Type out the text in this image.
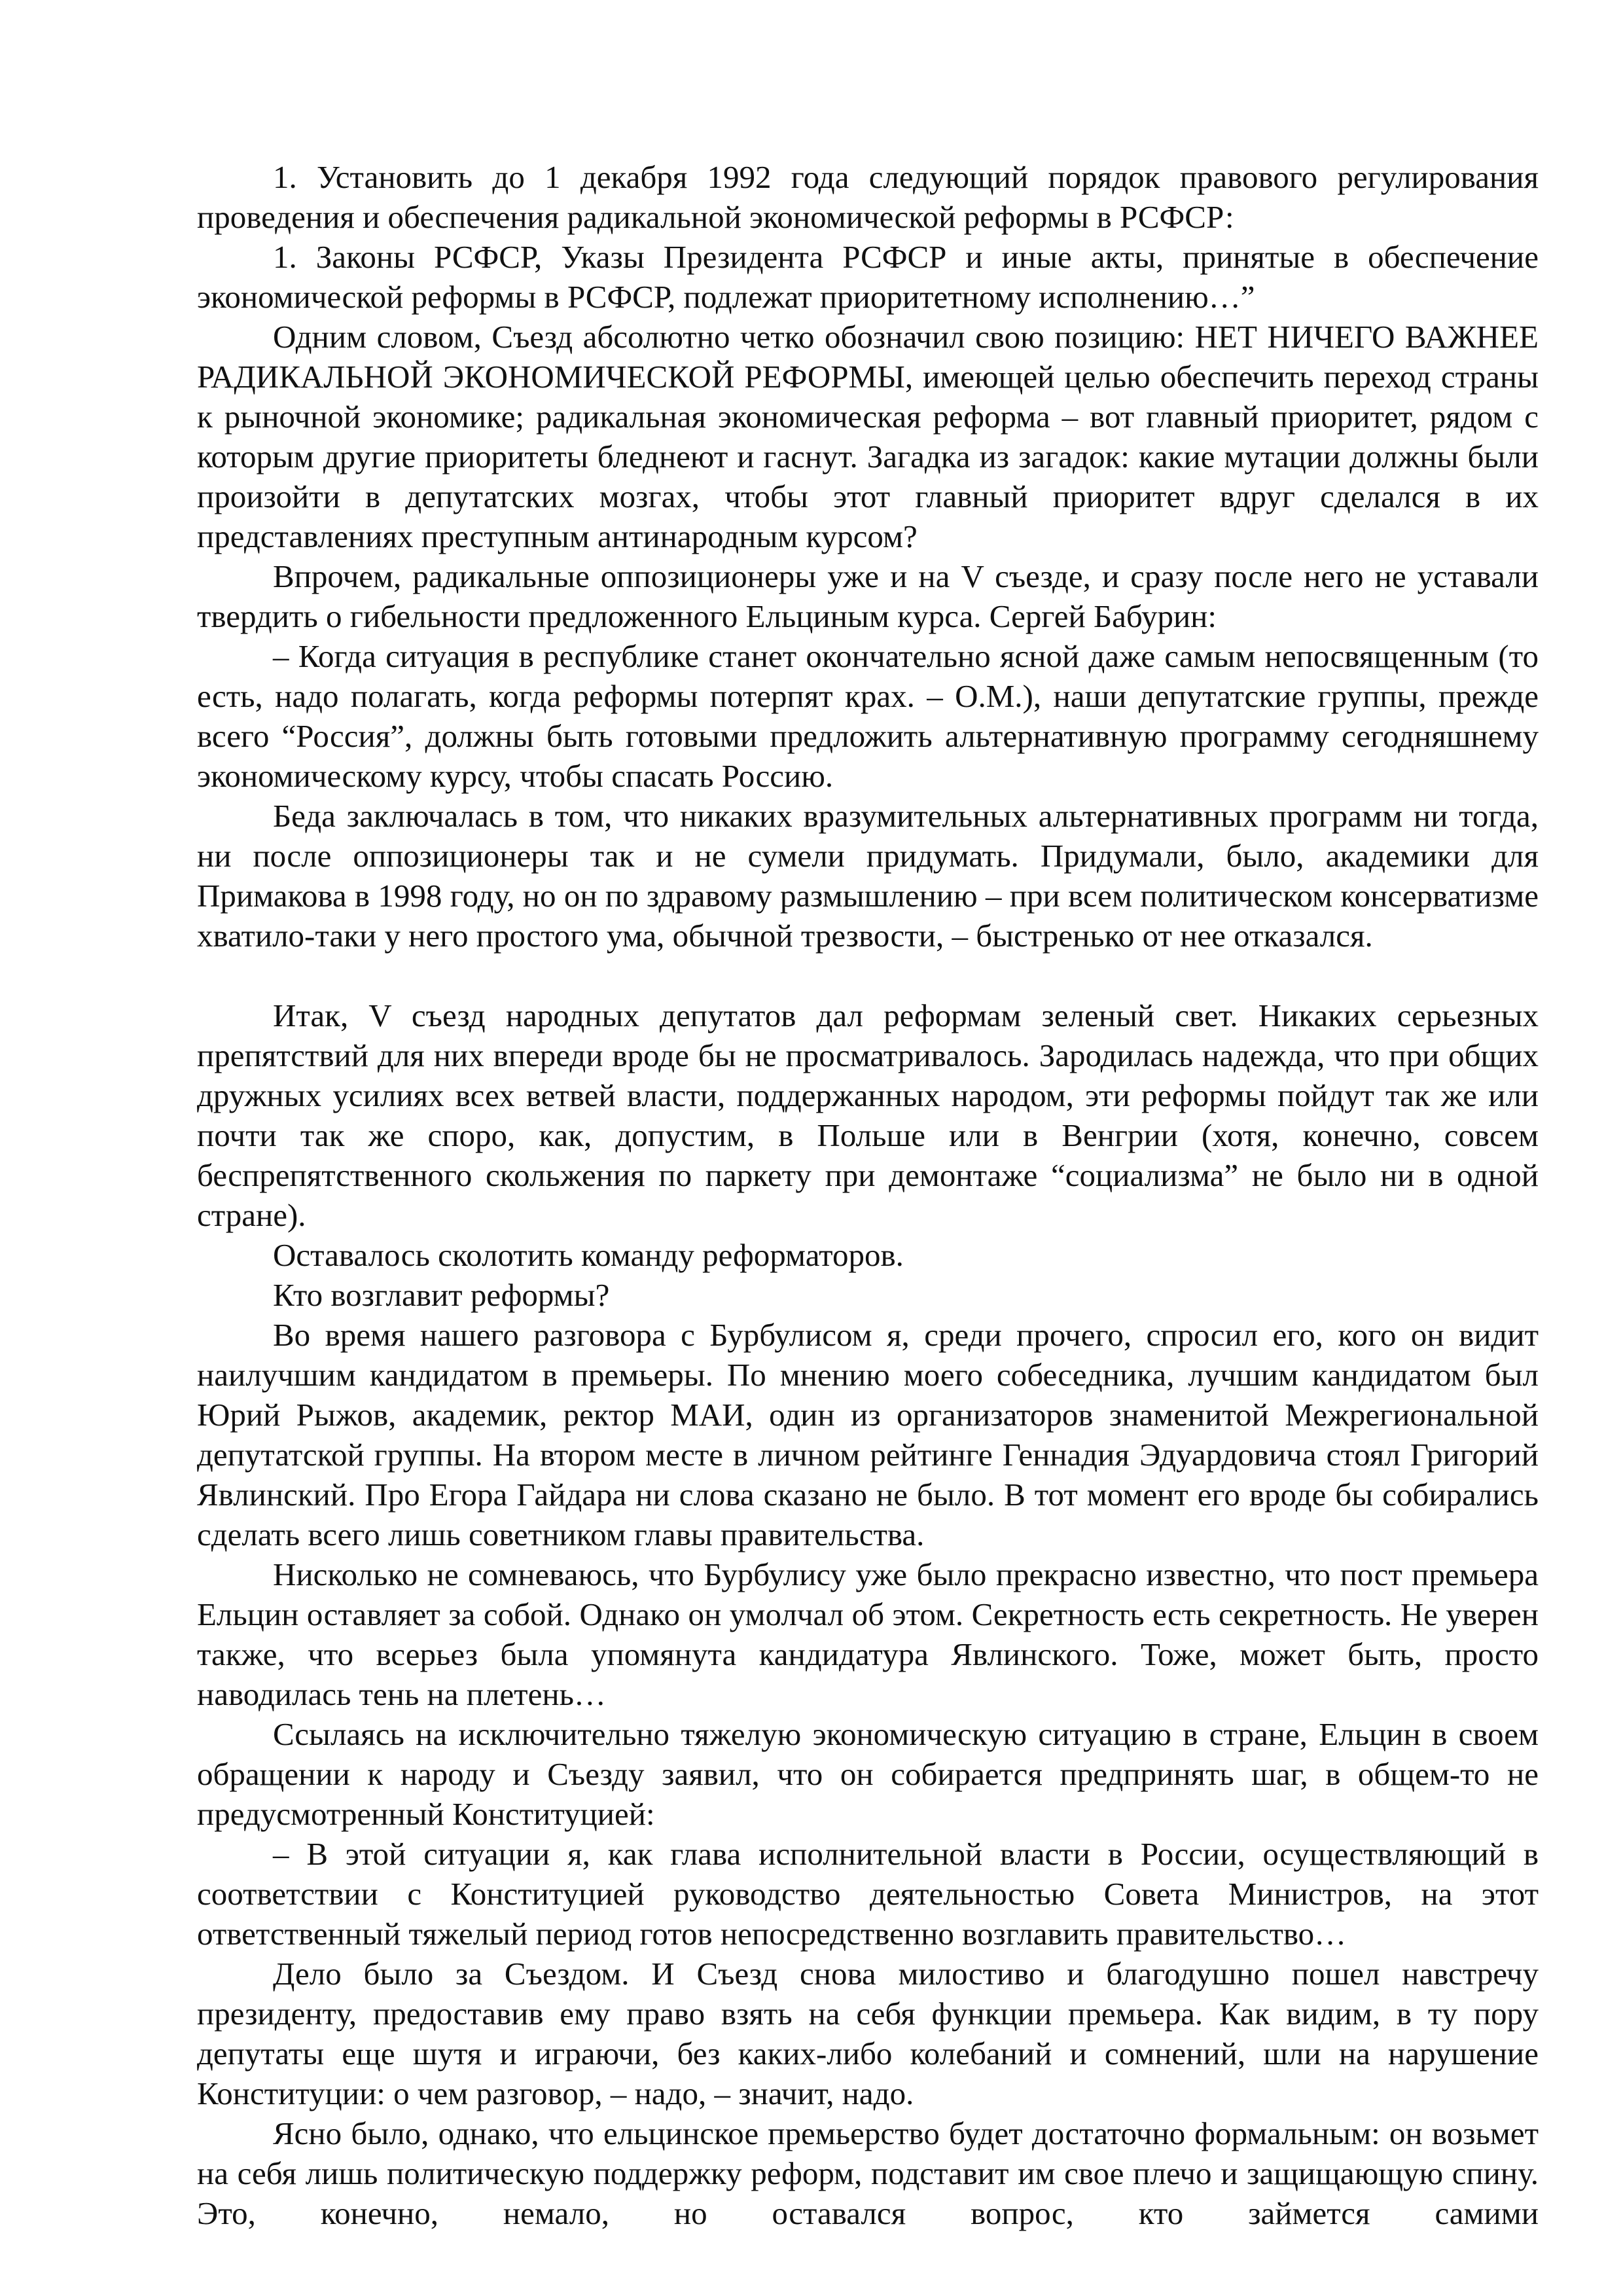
1. Установить до 1 декабря 1992 года следующий порядок правового регулирования проведения и обеспечения радикальной экономической реформы в РСФСР:

1. Законы РСФСР, Указы Президента РСФСР и иные акты, принятые в обеспечение экономической реформы в РСФСР, подлежат приоритетному исполнению…”

Одним словом, Съезд абсолютно четко обозначил свою позицию: НЕТ НИЧЕГО ВАЖНЕЕ РАДИКАЛЬНОЙ ЭКОНОМИЧЕСКОЙ РЕФОРМЫ, имеющей целью обеспечить переход страны к рыночной экономике; радикальная экономическая реформа – вот главный приоритет, рядом с которым другие приоритеты бледнеют и гаснут. Загадка из загадок: какие мутации должны были произойти в депутатских мозгах, чтобы этот главный приоритет вдруг сделался в их представлениях преступным антинародным курсом?

Впрочем, радикальные оппозиционеры уже и на V съезде, и сразу после него не уставали твердить о гибельности предложенного Ельциным курса. Сергей Бабурин:

– Когда ситуация в республике станет окончательно ясной даже самым непосвященным (то есть, надо полагать, когда реформы потерпят крах. – О.М.), наши депутатские группы, прежде всего “Россия”, должны быть готовыми предложить альтернативную программу сегодняшнему экономическому курсу, чтобы спасать Россию.

Беда заключалась в том, что никаких вразумительных альтернативных программ ни тогда, ни после оппозиционеры так и не сумели придумать. Придумали, было, академики для Примакова в 1998 году, но он по здравому размышлению – при всем политическом консерватизме хватило-таки у него простого ума, обычной трезвости, – быстренько от нее отказался.

Итак, V съезд народных депутатов дал реформам зеленый свет. Никаких серьезных препятствий для них впереди вроде бы не просматривалось. Зародилась надежда, что при общих дружных усилиях всех ветвей власти, поддержанных народом, эти реформы пойдут так же или почти так же споро, как, допустим, в Польше или в Венгрии (хотя, конечно, совсем беспрепятственного скольжения по паркету при демонтаже “социализма” не было ни в одной стране).

Оставалось сколотить команду реформаторов.

Кто возглавит реформы?

Во время нашего разговора с Бурбулисом я, среди прочего, спросил его, кого он видит наилучшим кандидатом в премьеры. По мнению моего собеседника, лучшим кандидатом был Юрий Рыжов, академик, ректор МАИ, один из организаторов знаменитой Межрегиональной депутатской группы. На втором месте в личном рейтинге Геннадия Эдуардовича стоял Григорий Явлинский. Про Егора Гайдара ни слова сказано не было. В тот момент его вроде бы собирались сделать всего лишь советником главы правительства.

Нисколько не сомневаюсь, что Бурбулису уже было прекрасно известно, что пост премьера Ельцин оставляет за собой. Однако он умолчал об этом. Секретность есть секретность. Не уверен также, что всерьез была упомянута кандидатура Явлинского. Тоже, может быть, просто наводилась тень на плетень…

Ссылаясь на исключительно тяжелую экономическую ситуацию в стране, Ельцин в своем обращении к народу и Съезду заявил, что он собирается предпринять шаг, в общем-то не предусмотренный Конституцией:

– В этой ситуации я, как глава исполнительной власти в России, осуществляющий в соответствии с Конституцией руководство деятельностью Совета Министров, на этот ответственный тяжелый период готов непосредственно возглавить правительство…

Дело было за Съездом. И Съезд снова милостиво и благодушно пошел навстречу президенту, предоставив ему право взять на себя функции премьера. Как видим, в ту пору депутаты еще шутя и играючи, без каких-либо колебаний и сомнений, шли на нарушение Конституции: о чем разговор, – надо, – значит, надо.

Ясно было, однако, что ельцинское премьерство будет достаточно формальным: он возьмет на себя лишь политическую поддержку реформ, подставит им свое плечо и защищающую спину. Это, конечно, немало, но оставался вопрос, кто займется самими
